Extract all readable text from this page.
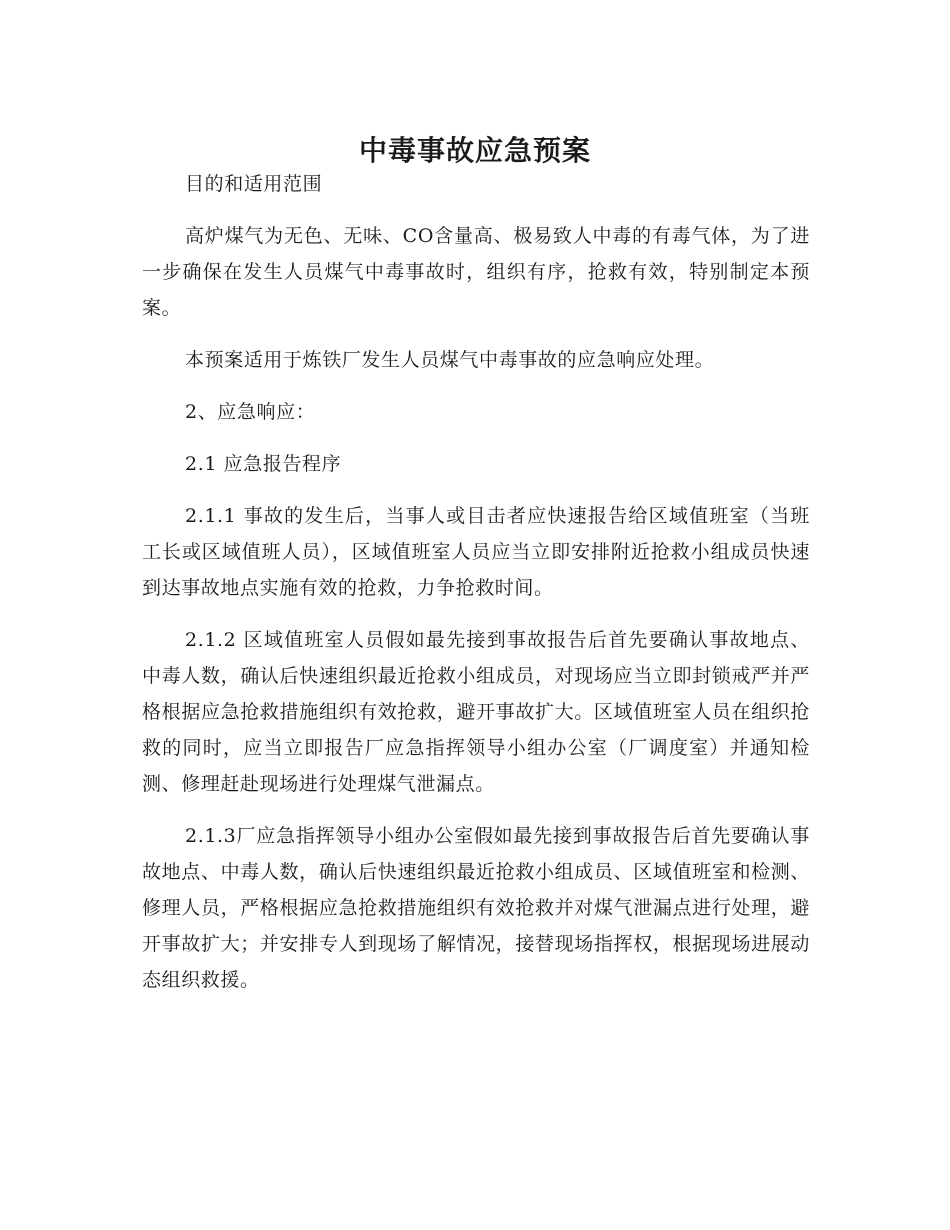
中毒事故应急预案

目的和适用范围

高炉煤气为无色、无味、CO含量高、极易致人中毒的有毒气体，为了进一步确保在发生人员煤气中毒事故时，组织有序，抢救有效，特别制定本预案。

本预案适用于炼铁厂发生人员煤气中毒事故的应急响应处理。

2、应急响应：

2.1 应急报告程序

2.1.1 事故的发生后，当事人或目击者应快速报告给区域值班室（当班工长或区域值班人员），区域值班室人员应当立即安排附近抢救小组成员快速到达事故地点实施有效的抢救，力争抢救时间。

2.1.2 区域值班室人员假如最先接到事故报告后首先要确认事故地点、中毒人数，确认后快速组织最近抢救小组成员，对现场应当立即封锁戒严并严格根据应急抢救措施组织有效抢救，避开事故扩大。区域值班室人员在组织抢救的同时，应当立即报告厂应急指挥领导小组办公室（厂调度室）并通知检测、修理赶赴现场进行处理煤气泄漏点。

2.1.3厂应急指挥领导小组办公室假如最先接到事故报告后首先要确认事故地点、中毒人数，确认后快速组织最近抢救小组成员、区域值班室和检测、修理人员，严格根据应急抢救措施组织有效抢救并对煤气泄漏点进行处理，避开事故扩大；并安排专人到现场了解情况，接替现场指挥权，根据现场进展动态组织救援。
